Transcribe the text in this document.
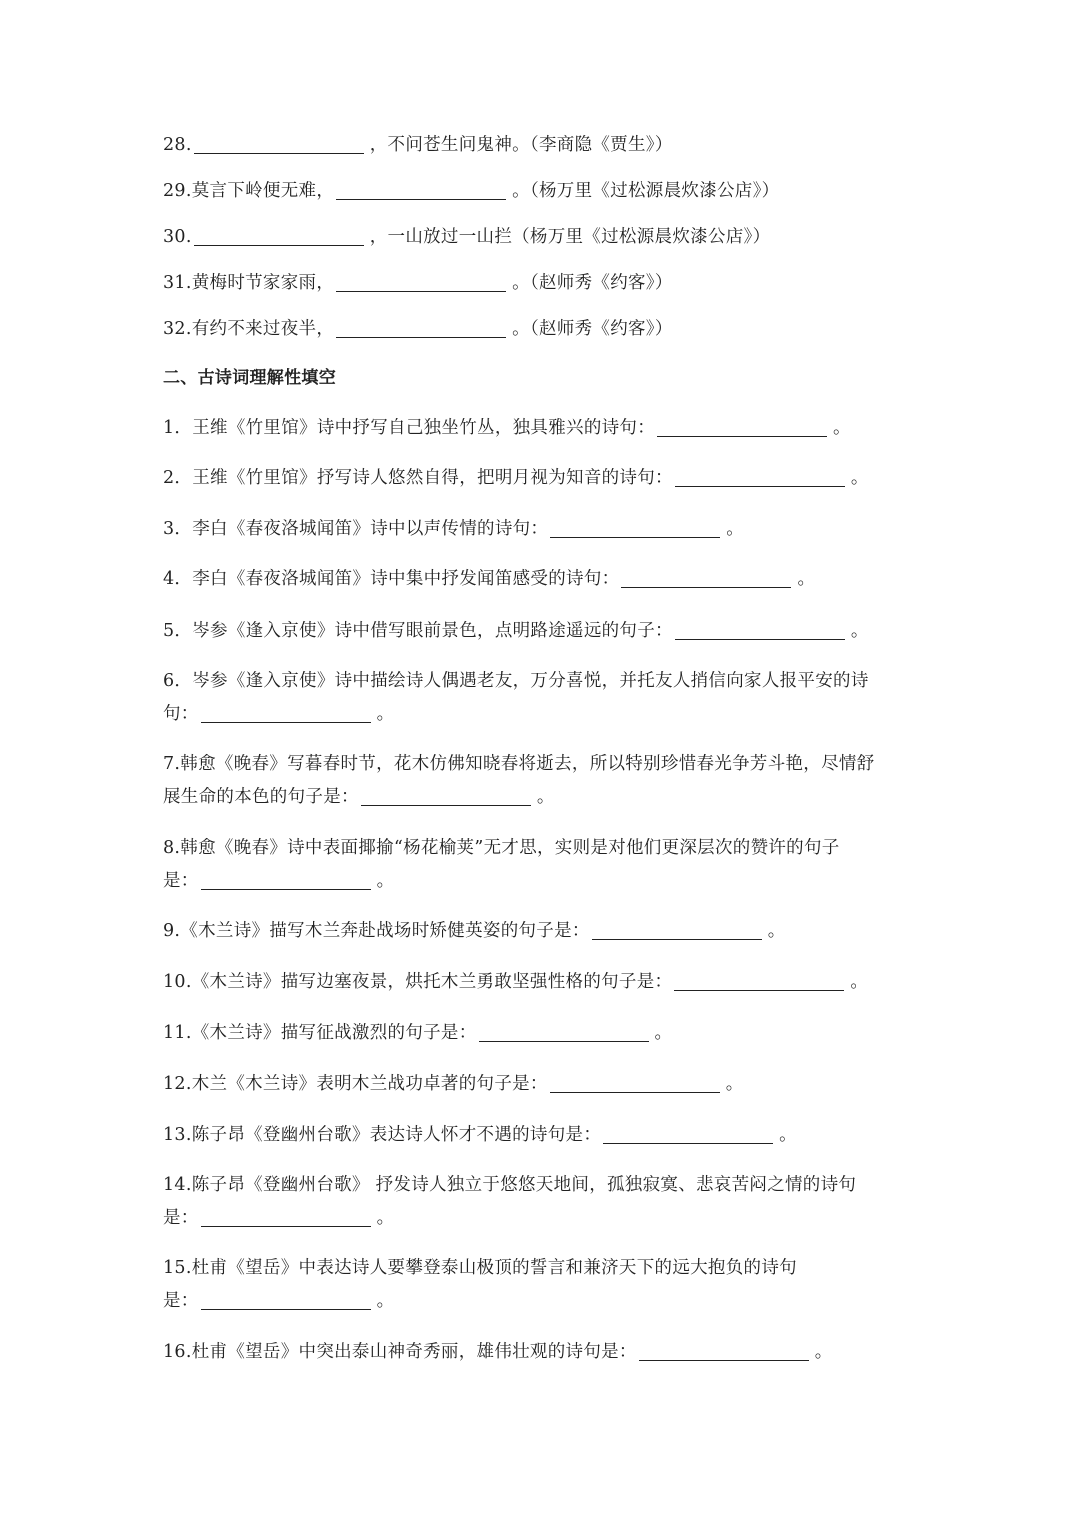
28.	，不问苍生问鬼神。（李商隐《贾生》）
29.莫言下岭便无难，	。（杨万里《过松源晨炊漆公店》）
30.	，一山放过一山拦（杨万里《过松源晨炊漆公店》）
31.黄梅时节家家雨，	。（赵师秀《约客》）
32.有约不来过夜半，	。（赵师秀《约客》）
二、古诗词理解性填空
1．王维《竹里馆》诗中抒写自己独坐竹丛，独具雅兴的诗句：	。
2．王维《竹里馆》抒写诗人悠然自得，把明月视为知音的诗句：	。
3．李白《春夜洛城闻笛》诗中以声传情的诗句：	。
4．李白《春夜洛城闻笛》诗中集中抒发闻笛感受的诗句：	。
5．岑参《逢入京使》诗中借写眼前景色，点明路途遥远的句子：	。
6．岑参《逢入京使》诗中描绘诗人偶遇老友，万分喜悦，并托友人捎信向家人报平安的诗
句：	。
7.韩愈《晚春》写暮春时节，花木仿佛知晓春将逝去，所以特别珍惜春光争芳斗艳，尽情舒
展生命的本色的句子是：	。
8.韩愈《晚春》诗中表面揶揄“杨花榆荚”无才思，实则是对他们更深层次的赞许的句子
是：	。
9.《木兰诗》描写木兰奔赴战场时矫健英姿的句子是：	。
10.《木兰诗》描写边塞夜景，烘托木兰勇敢坚强性格的句子是：	。
11.《木兰诗》描写征战激烈的句子是：	。
12.木兰《木兰诗》表明木兰战功卓著的句子是：	。
13.陈子昂《登幽州台歌》表达诗人怀才不遇的诗句是：	。
14.陈子昂《登幽州台歌》 抒发诗人独立于悠悠天地间，孤独寂寞、悲哀苦闷之情的诗句
是：	。
15.杜甫《望岳》中表达诗人要攀登泰山极顶的誓言和兼济天下的远大抱负的诗句
是：	。
16.杜甫《望岳》中突出泰山神奇秀丽，雄伟壮观的诗句是：	。
